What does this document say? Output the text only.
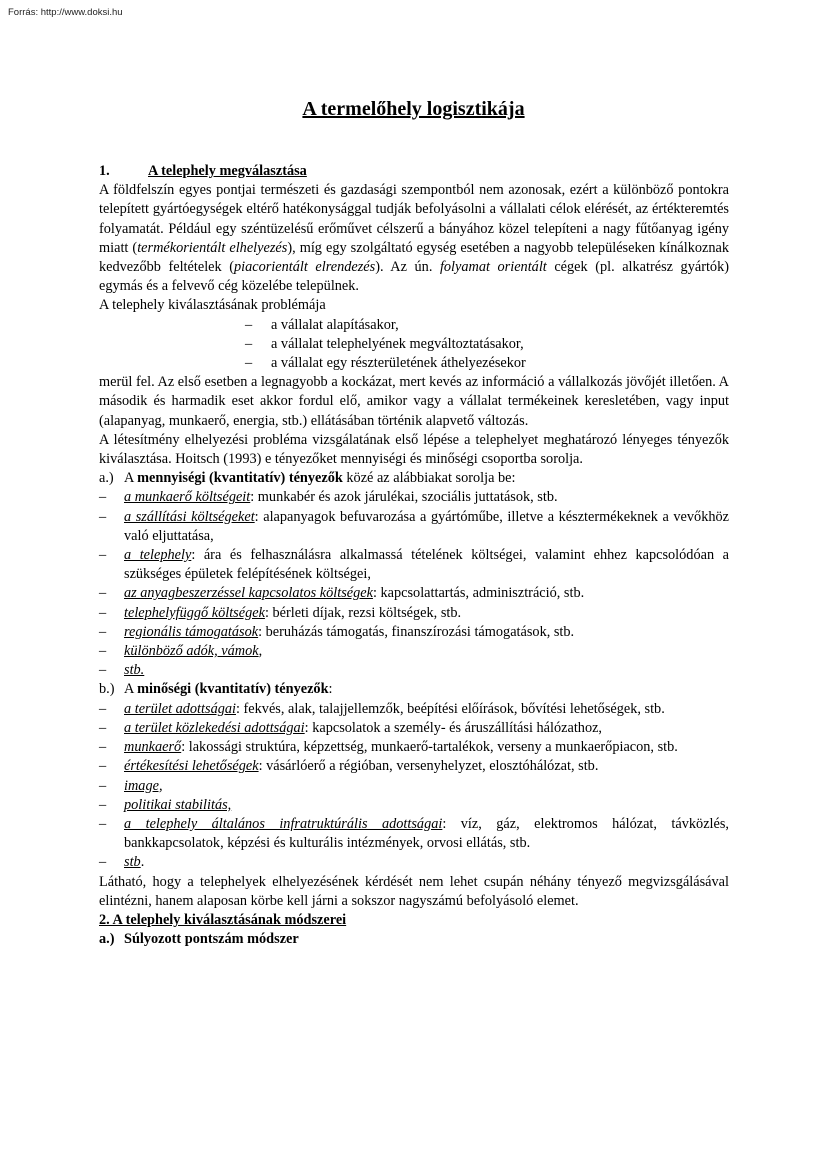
Forrás: http://www.doksi.hu
A termelőhely logisztikája

1.	A telephely megválasztása

A földfelszín egyes pontjai természeti és gazdasági szempontból nem azonosak, ezért a különböző pontokra telepített gyártóegységek eltérő hatékonysággal tudják befolyásolni a vállalati célok elérését, az értékteremtés folyamatát. Például egy széntüzelésű erőművet célszerű a bányához közel telepíteni a nagy fűtőanyag igény miatt (termékorientált elhelyezés), míg egy szolgáltató egység esetében a nagyobb településeken kínálkoznak kedvezőbb feltételek (piacorientált elrendezés). Az ún. folyamat orientált cégek (pl. alkatrész gyártók) egymás és a felvevő cég közelébe települnek.

A telephely kiválasztásának problémája

– a vállalat alapításakor,
– a vállalat telephelyének megváltoztatásakor,
– a vállalat egy részterületének áthelyezésekor

merül fel. Az első esetben a legnagyobb a kockázat, mert kevés az információ a vállalkozás jövőjét illetően. A második és harmadik eset akkor fordul elő, amikor vagy a vállalat termékeinek keresletében, vagy input (alapanyag, munkaerő, energia, stb.) ellátásában történik alapvető változás.

A létesítmény elhelyezési probléma vizsgálatának első lépése a telephelyet meghatározó lényeges tényezők kiválasztása. Hoitsch (1993) e tényezőket mennyiségi és minőségi csoportba sorolja.

a.) A mennyiségi (kvantitatív) tényezők közé az alábbiakat sorolja be:

– a munkaerő költségeit: munkabér és azok járulékai, szociális juttatások, stb.
– a szállítási költségeket: alapanyagok befuvarozása a gyártóműbe, illetve a késztermékeknek a vevőkhöz való eljuttatása,
– a telephely: ára és felhasználásra alkalmassá tételének költségei, valamint ehhez kapcsolódóan a szükséges épületek felépítésének költségei,
– az anyagbeszerzéssel kapcsolatos költségek: kapcsolattartás, adminisztráció, stb.
– telephelyfüggő költségek: bérleti díjak, rezsi költségek, stb.
– regionális támogatások: beruházás támogatás, finanszírozási támogatások, stb.
– különböző adók, vámok,
– stb.

b.) A minőségi (kvantitatív) tényezők:

– a terület adottságai: fekvés, alak, talajjellemzők, beépítési előírások, bővítési lehetőségek, stb.
– a terület közlekedési adottságai: kapcsolatok a személy- és áruszállítási hálózathoz,
– munkaerő: lakossági struktúra, képzettség, munkaerő-tartalékok, verseny a munkaerőpiacon, stb.
– értékesítési lehetőségek: vásárlóerő a régióban, versenyhelyzet, elosztóhálózat, stb.
– image,
– politikai stabilitás,
– a telephely általános infratruktúrális adottságai: víz, gáz, elektromos hálózat, távközlés, bankkapcsolatok, képzési és kulturális intézmények, orvosi ellátás, stb.
– stb.

Látható, hogy a telephelyek elhelyezésének kérdését nem lehet csupán néhány tényező megvizsgálásával elintézni, hanem alaposan körbe kell járni a sokszor nagyszámú befolyásoló elemet.

2. A telephely kiválasztásának módszerei

a.) Súlyozott pontszám módszer
